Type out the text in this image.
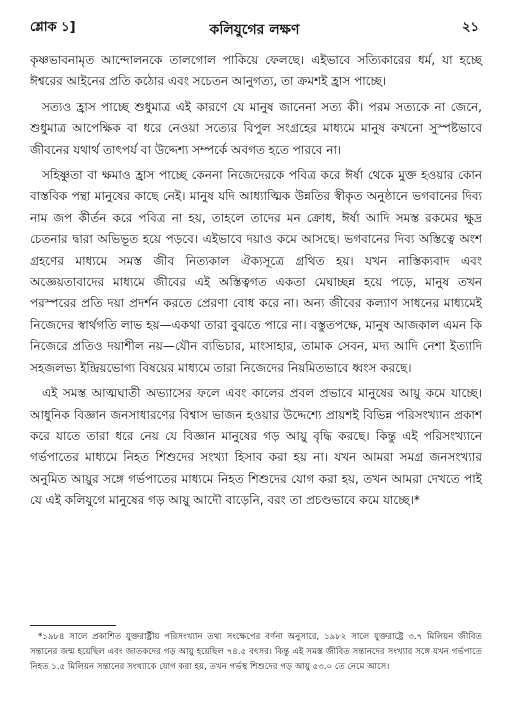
শ্লোক ১]	কলিযুগের লক্ষণ	২১

কৃষ্ণভাবনামৃত আন্দোলনকে তালগোল পাকিয়ে ফেলছে। এইভাবে সত্যিকারের ধর্ম, যা হচ্ছে ঈশ্বরের আইনের প্রতি কঠোর এবং সচেতন আনুগত্য, তা ক্রমশই হ্রাস পাচ্ছে।

সত্যও হ্রাস পাচ্ছে শুধুমাত্র এই কারণে যে মানুষ জানেনা সত্য কী। পরম সত্যকে না জেনে, শুধুমাত্র আপেক্ষিক বা ধরে নেওয়া সত্যের বিপুল সংগ্রহের মাধ্যমে মানুষ কখনো সুস্পষ্টভাবে জীবনের যথার্থ তাৎপর্য বা উদ্দেশ্য সম্পর্কে অবগত হতে পারবে না।

সহিষ্ণুতা বা ক্ষমাও হ্রাস পাচ্ছে কেননা নিজেদেরকে পবিত্র করে ঈর্ষা থেকে মুক্ত হওয়ার কোন বাস্তবিক পন্থা মানুষের কাছে নেই। মানুষ যদি আধ্যাত্মিক উন্নতির স্বীকৃত অনুষ্ঠানে ভগবানের দিব্য নাম জপ কীর্তন করে পবিত্র না হয়, তাহলে তাদের মন ক্রোধ, ঈর্ষা আদি সমস্ত রকমের ক্ষুদ্র চেতনার দ্বারা অভিভূত হয়ে পড়বে। এইভাবে দয়াও কমে আসছে। ভগবানের দিব্য অস্তিত্বে অংশ গ্রহণের মাধ্যমে সমস্ত জীব নিত্যকাল ঐক্যসূত্রে গ্রথিত হয়। যখন নাস্তিক্যবাদ এবং অজ্ঞেয়তাবাদের মাধ্যমে জীবের এই অস্তিত্বগত একতা মেঘাচ্ছন্ন হয়ে পড়ে, মানুষ তখন পরস্পরের প্রতি দয়া প্রদর্শন করতে প্রেরণা বোধ করে না। অন্য জীবের কল্যাণ সাধনের মাধ্যমেই নিজেদের স্বার্থগতি লাভ হয়—একথা তারা বুঝতে পারে না। বস্তুতপক্ষে, মানুষ আজকাল এমন কি নিজেরে প্রতিও দয়াশীল নয়—যৌন ব্যভিচার, মাংসাহার, তামাক সেবন, মদ্য আদি নেশা ইত্যাদি সহজলভ্য ইন্দ্রিয়ভোগ্য বিষয়ের মাধ্যমে তারা নিজেদের নিয়মিতভাবে ধ্বংস করছে।

এই সমস্ত আত্মঘাতী অভ্যাসের ফলে এবং কালের প্রবল প্রভাবে মানুষের আয়ু কমে যাচ্ছে। আধুনিক বিজ্ঞান জনসাধারণের বিশ্বাস ভাজন হওয়ার উদ্দেশ্যে প্রায়শই বিভিন্ন পরিসংখ্যান প্রকাশ করে যাতে তারা ধরে নেয় যে বিজ্ঞান মানুষের গড় আয়ু বৃদ্ধি করছে। কিন্তু এই পরিসংখ্যানে গর্ভপাতের মাধ্যমে নিহত শিশুদের সংখ্যা হিসাব করা হয় না। যখন আমরা সমগ্র জনসংখ্যার অনুমিত আয়ুর সঙ্গে গর্ভপাতের মাধ্যমে নিহত শিশুদের যোগ করা হয়, তখন আমরা দেখতে পাই যে এই কলিযুগে মানুষের গড় আয়ু আদৌ বাড়েনি, বরং তা প্রচণ্ডভাবে কমে যাচ্ছে।*

*১৯৮৪ সালে প্রকাশিত যুক্তরাষ্ট্রীয় পরিসংখ্যান তথ্য সংক্ষেপের বর্ণনা অনুসারে, ১৯৮২ সালে যুক্তরাষ্ট্রে ৩.৭ মিলিয়ন জীবিত সন্তানের জন্ম হয়েছিল এবং জাতকদের গড় আয়ু হয়েছিল ৭৪.৫ বৎসর। কিন্তু এই সমস্ত জীবিত সন্তানদের সংখ্যার সঙ্গে যখন গর্ভপাতে নিহত ১.৫ মিলিয়ন সন্তানের সংখ্যাকে যোগ করা হয়, তখন গর্ভস্থ শিশুদের গড় আয়ু ৫৩.০ তে নেমে আসে।
